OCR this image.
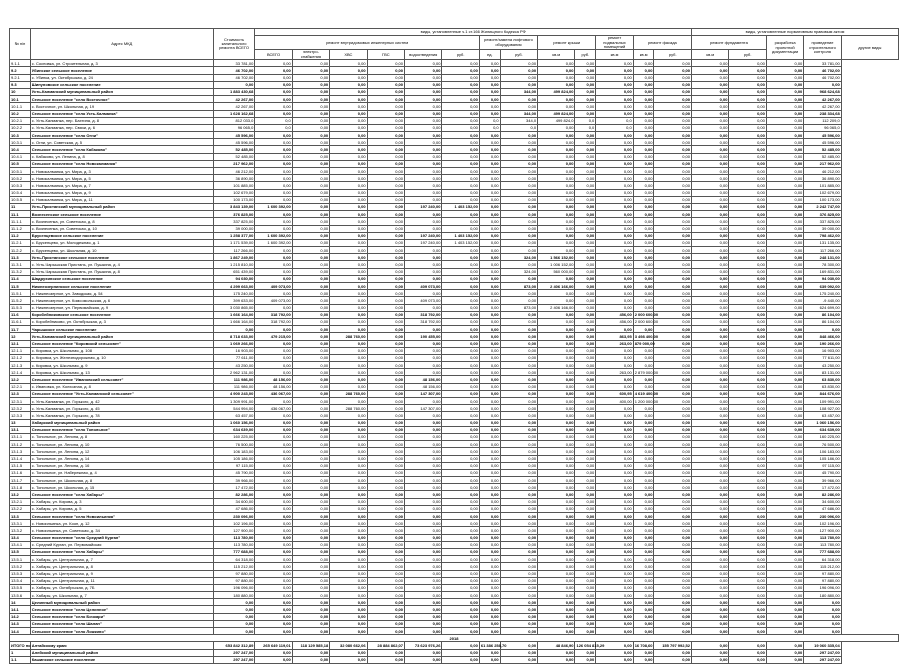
№ п/п	Адрес МКД	Стоимость капитального ремонта ВСЕГО	виды, установленные ч.1 ст.166 Жилищного Кодекса РФ													виды, установленные нормативным правовым актом				
			ремонт внутридомовых инженерных систем						ремонт/замена лифтового оборудования		ремонт крыши		ремонт подвальных помещений	ремонт фасада		ремонт фундамента		разработка проектной документации	проведение строительного контроля	другие виды
			ВСЕГО	электро-снабжения	ХВС	ГВС	водоотведения	руб.	ед.	руб.	кв.м	руб.	кв.м	кв.м	руб.	кв.м	руб.			
9.1.1	с. Сосновка, ул. Строительная, д. 3	33 781,00	0,00	0,00	0,00	0,00	0,00	0,00	0,00	0,00	0,00	0,00	0,00	0,00	0,00	0,00	0,00	0,00	33 781,00	
9.2	Убинское сельское поселение	46 702,00	0,00	0,00	0,00	0,00	0,00	0,00	0,00	0,00	0,00	0,00	0,00	0,00	0,00	0,00	0,00	0,00	46 702,00	
9.2.1	с. Убинка, ул. Октябрьская, д. 24	46 702,00	0,00	0,00	0,00	0,00	0,00	0,00	0,00	0,00	0,00	0,00	0,00	0,00	0,00	0,00	0,00	0,00	46 702,00	
9.3	Шипуновское сельское поселение	0,00	0,00	0,00	0,00	0,00	0,00	0,00	0,00	0,00	0,00	0,00	0,00	0,00	0,00	0,00	0,00	0,00	0,00	
10	Усть-Калманский муниципальный район	1 883 430,68	0,00	0,00	0,00	0,00	0,00	0,00	0,00	344,00	499 824,00	0,00	0,00	0,00	0,00	0,00	0,00	0,00	968 624,68	
10.1	Сельское поселение "село Восточное"	42 267,00	0,00	0,00	0,00	0,00	0,00	0,00	0,00	0,00	0,00	0,00	0,00	0,00	0,00	0,00	0,00	0,00	42 267,00	
10.1.1	с. Восточное, ул. Школьная, д. 19	42 267,00	0,00	0,00	0,00	0,00	0,00	0,00	0,00	0,00	0,00	0,00	0,00	0,00	0,00	0,00	0,00	0,00	42 267,00	
10.2	Сельское поселение "село Усть-Калманка"	1 628 162,68	0,00	0,00	0,00	0,00	0,00	0,00	0,00	344,00	499 824,00	0,00	0,00	0,00	0,00	0,00	0,00	0,00	238 334,68	
10.2.1	с. Усть-Калманка, пер. Бахтина, д. 8	812 033,0	0,0	0,00	0,00	0,00	0,00	0,00	0,0	344,0	499 824,0	0,0	0,0	0,00	0,00	0,00	0,00	0,00	112 209,0	
10.2.2	с. Усть-Калманка, пер. Связи, д. 6	96 065,0	0,0	0,00	0,00	0,00	0,00	0,00	0,0	0,0	0,00	0,0	0,0	0,00	0,00	0,00	0,00	0,00	96 065,0	
10.3	Сельское поселение "село Огни"	45 596,00	0,00	0,00	0,00	0,00	0,00	0,00	0,00	0,00	0,00	0,00	0,00	0,00	0,00	0,00	0,00	0,00	45 596,00	
10.3.1	с. Огни, ул. Советская, д. 5	45 596,00	0,00	0,00	0,00	0,00	0,00	0,00	0,00	0,00	0,00	0,00	0,00	0,00	0,00	0,00	0,00	0,00	45 596,00	
10.4	Сельское поселение "село Кабаково"	52 485,00	0,00	0,00	0,00	0,00	0,00	0,00	0,00	0,00	0,00	0,00	0,00	0,00	0,00	0,00	0,00	0,00	52 485,00	
10.4.1	с. Кабаково, ул. Ленина, д. 8	52 485,00	0,00	0,00	0,00	0,00	0,00	0,00	0,00	0,00	0,00	0,00	0,00	0,00	0,00	0,00	0,00	0,00	52 485,00	
10.5	Сельское поселение "село Новокалманка"	217 962,00	0,00	0,00	0,00	0,00	0,00	0,00	0,00	0,00	0,00	0,00	0,00	0,00	0,00	0,00	0,00	0,00	217 962,00	
10.5.1	с. Новокалманка, ул. Мира, д. 3	46 212,00	0,00	0,00	0,00	0,00	0,00	0,00	0,00	0,00	0,00	0,00	0,00	0,00	0,00	0,00	0,00	0,00	46 212,00	
10.5.2	с. Новокалманка, ул. Мира, д. 5	36 890,00	0,00	0,00	0,00	0,00	0,00	0,00	0,00	0,00	0,00	0,00	0,00	0,00	0,00	0,00	0,00	0,00	36 890,00	
10.5.3	с. Новокалманка, ул. Мира, д. 7	101 885,00	0,00	0,00	0,00	0,00	0,00	0,00	0,00	0,00	0,00	0,00	0,00	0,00	0,00	0,00	0,00	0,00	101 885,00	
10.5.4	с. Новокалманка, ул. Мира, д. 9	102 679,00	0,00	0,00	0,00	0,00	0,00	0,00	0,00	0,00	0,00	0,00	0,00	0,00	0,00	0,00	0,00	0,00	102 679,00	
10.5.5	с. Новокалманка, ул. Мира, д. 11	100 173,00	0,00	0,00	0,00	0,00	0,00	0,00	0,00	0,00	0,00	0,00	0,00	0,00	0,00	0,00	0,00	0,00	100 173,00	
11	Усть-Пристанский муниципальный район	3 843 139,00	1 600 392,00	0,00	0,00	0,00	197 240,00	1 403 152,00	0,00	0,00	0,00	0,00	0,00	0,00	0,00	0,00	0,00	0,00	2 242 747,00	
11.1	Вознесенское сельское поселение	376 825,00	0,00	0,00	0,00	0,00	0,00	0,00	0,00	0,00	0,00	0,00	0,00	0,00	0,00	0,00	0,00	0,00	376 825,00	
11.1.1	с. Вознесенка, ул. Советская, д. 8	337 825,00	0,00	0,00	0,00	0,00	0,00	0,00	0,00	0,00	0,00	0,00	0,00	0,00	0,00	0,00	0,00	0,00	337 825,00	
11.1.2	с. Вознесенка, ул. Советская, д. 10	39 000,00	0,00	0,00	0,00	0,00	0,00	0,00	0,00	0,00	0,00	0,00	0,00	0,00	0,00	0,00	0,00	0,00	39 000,00	
11.2	Брусенцевское сельское поселение	1 258 377,00	1 600 392,00	0,00	0,00	0,00	197 240,00	1 403 152,00	0,00	0,00	0,00	0,00	0,00	0,00	0,00	0,00	0,00	0,00	798 462,00	
11.2.1	с. Брусенцево, ул. Молодежная, д. 1	1 171 539,00	1 600 392,00	0,00	0,00	0,00	197 240,00	1 403 152,00	0,00	0,00	0,00	0,00	0,00	0,00	0,00	0,00	0,00	0,00	131 135,00	
11.2.2	с. Брусенцево, ул. Школьная, д. 10	117 266,00	0,00	0,00	0,00	0,00	0,00	0,00	0,00	0,00	0,00	0,00	0,00	0,00	0,00	0,00	0,00	0,00	117 266,00	
11.3	Усть-Пристанское сельское поселение	1 867 249,00	0,00	0,00	0,00	0,00	0,00	0,00	0,00	324,00	1 566 152,00	0,00	0,00	0,00	0,00	0,00	0,00	0,00	248 131,00	
11.3.1	с. Усть-Чарышская Пристань, ул. Пушкина, д. 4	1 215 810,00	0,00	0,00	0,00	0,00	0,00	0,00	0,00	0,00	1 006 152,00	0,00	0,00	0,00	0,00	0,00	0,00	0,00	78 300,00	
11.3.2	с. Усть-Чарышская Пристань, ул. Пушкина, д. 8	651 439,00	0,00	0,00	0,00	0,00	0,00	0,00	0,00	324,00	560 000,00	0,00	0,00	0,00	0,00	0,00	0,00	0,00	169 831,00	
11.4	Шадрухинское сельское поселение	94 030,00	0,00	0,00	0,00	0,00	0,00	0,00	0,00	0,00	0,00	0,00	0,00	0,00	0,00	0,00	0,00	0,00	94 030,00	
11.5	Нижнеозернинское сельское поселение	4 299 663,00	409 073,00	0,00	0,00	0,00	409 073,00	0,00	0,00	873,00	2 406 166,00	0,00	0,00	0,00	0,00	0,00	0,00	0,00	639 092,00	
11.5.1	с. Нижнеозерное, ул. Заводская, д. 54	175 240,00	0,00	0,00	0,00	0,00	0,00	0,00	0,00	0,00	0,00	0,00	0,00	0,00	0,00	0,00	0,00	0,00	175 240,00	
11.5.2	с. Нижнеозерное, ул. Комсомольская, д. 6	399 633,00	409 073,00	0,00	0,00	0,00	409 073,00	0,00	0,00	0,00	0,00	0,00	0,00	0,00	0,00	0,00	0,00	0,00	-9 440,00	
11.5.3	с. Нижнеозерное, ул. Первомайская, д. 9	3 030 865,00	0,00	0,00	0,00	0,00	0,00	0,00	0,00	873,00	2 406 166,00	0,00	0,00	0,00	0,00	0,00	0,00	0,00	624 699,00	
11.6	Коробейниковское сельское поселение	1 666 164,00	318 792,00	0,00	0,00	0,00	318 792,00	0,00	0,00	0,00	0,00	0,00	456,00	2 000 600,00	0,00	0,00	0,00	0,00	86 104,00	
11.6.1	с. Коробейниково, ул. Октябрьская, д. 3	1 666 164,00	318 792,00	0,00	0,00	0,00	318 792,00	0,00	0,00	0,00	0,00	0,00	456,00	2 000 600,00	0,00	0,00	0,00	0,00	86 104,00	
11.7	Чарышское сельское поселение	0,00	0,00	0,00	0,00	0,00	0,00	0,00	0,00	0,00	0,00	0,00	0,00	0,00	0,00	0,00	0,00	0,00	0,00	
12	Усть-Калманский муниципальный район	8 718 633,00	479 215,00	0,00	288 760,00	0,00	190 455,00	0,00	0,00	0,00	0,00	0,00	863,95	3 498 400,00	0,00	0,00	0,00	0,00	848 466,00	
12.1	Сельское поселение "Кировский сельсовет"	1 069 266,00	0,00	0,00	0,00	0,00	0,00	0,00	0,00	0,00	0,00	0,00	263,00	879 000,00	0,00	0,00	0,00	0,00	190 266,00	
12.1.1	с. Кировка, ул. Школьная, д. 108	16 903,00	0,00	0,00	0,00	0,00	0,00	0,00	0,00	0,00	0,00	0,00	0,00	0,00	0,00	0,00	0,00	0,00	16 903,00	
12.1.2	с. Кировка, ул. Железнодорожная, д. 10	77 611,00	0,00	0,00	0,00	0,00	0,00	0,00	0,00	0,00	0,00	0,00	0,00	0,00	0,00	0,00	0,00	0,00	77 611,00	
12.1.3	с. Кировка, ул. Школьная, д. 9	43 250,00	0,00	0,00	0,00	0,00	0,00	0,00	0,00	0,00	0,00	0,00	0,00	0,00	0,00	0,00	0,00	0,00	43 250,00	
12.1.4	с. Кировка, ул. Школьная, д. 13	2 962 131,00	0,00	0,00	0,00	0,00	0,00	0,00	0,00	0,00	0,00	0,00	263,00	2 879 000,00	0,00	0,00	0,00	0,00	83 131,00	
12.2	Сельское поселение "Ивановский сельсовет"	111 986,00	48 156,00	0,00	0,00	0,00	48 156,00	0,00	0,00	0,00	0,00	0,00	0,00	0,00	0,00	0,00	0,00	0,00	63 830,00	
12.2.1	с. Ивановка, ул. Колхозная, д. 8	111 986,00	48 156,00	0,00	0,00	0,00	48 156,00	0,00	0,00	0,00	0,00	0,00	0,00	0,00	0,00	0,00	0,00	0,00	63 830,00	
12.3	Сельское поселение "Усть-Калманский сельсовет"	4 900 243,00	436 067,00	0,00	288 760,00	0,00	147 307,00	0,00	0,00	0,00	0,00	0,00	600,95	4 619 400,00	0,00	0,00	0,00	0,00	844 676,00	
12.3.1	с. Усть-Калманка, ул. Горького, д. 42	1 309 991,00	0,00	0,00	0,00	0,00	0,00	0,00	0,00	0,00	0,00	0,00	400,00	1 200 000,00	0,00	0,00	0,00	0,00	109 991,00	
12.3.2	с. Усть-Калманка, ул. Горького, д. 45	544 994,00	436 067,00	0,00	288 760,00	0,00	147 307,00	0,00	0,00	0,00	0,00	0,00	0,00	0,00	0,00	0,00	0,00	0,00	108 927,00	
12.3.3	с. Усть-Калманка, ул. Горького, д. 78	63 457,00	0,00	0,00	0,00	0,00	0,00	0,00	0,00	0,00	0,00	0,00	0,00	0,00	0,00	0,00	0,00	0,00	63 457,00	
13	Хабарский муниципальный район	1 060 156,00	0,00	0,00	0,00	0,00	0,00	0,00	0,00	0,00	0,00	0,00	0,00	0,00	0,00	0,00	0,00	0,00	1 060 156,00	
13.1	Сельское поселение "село Топольное"	634 639,00	0,00	0,00	0,00	0,00	0,00	0,00	0,00	0,00	0,00	0,00	0,00	0,00	0,00	0,00	0,00	0,00	634 639,00	
13.1.1	с. Топольное, ул. Ленина, д. 8	160 225,00	0,00	0,00	0,00	0,00	0,00	0,00	0,00	0,00	0,00	0,00	0,00	0,00	0,00	0,00	0,00	0,00	160 225,00	
13.1.2	с. Топольное, ул. Ленина, д. 10	76 500,00	0,00	0,00	0,00	0,00	0,00	0,00	0,00	0,00	0,00	0,00	0,00	0,00	0,00	0,00	0,00	0,00	76 500,00	
13.1.3	с. Топольное, ул. Ленина, д. 12	106 183,00	0,00	0,00	0,00	0,00	0,00	0,00	0,00	0,00	0,00	0,00	0,00	0,00	0,00	0,00	0,00	0,00	106 183,00	
13.1.4	с. Топольное, ул. Ленина, д. 14	105 186,00	0,00	0,00	0,00	0,00	0,00	0,00	0,00	0,00	0,00	0,00	0,00	0,00	0,00	0,00	0,00	0,00	105 186,00	
13.1.5	с. Топольное, ул. Ленина, д. 16	97 115,00	0,00	0,00	0,00	0,00	0,00	0,00	0,00	0,00	0,00	0,00	0,00	0,00	0,00	0,00	0,00	0,00	97 115,00	
13.1.6	с. Топольное, ул. Набережная, д. 4	45 790,00	0,00	0,00	0,00	0,00	0,00	0,00	0,00	0,00	0,00	0,00	0,00	0,00	0,00	0,00	0,00	0,00	45 790,00	
13.1.7	с. Топольное, ул. Школьная, д. 8	39 966,00	0,00	0,00	0,00	0,00	0,00	0,00	0,00	0,00	0,00	0,00	0,00	0,00	0,00	0,00	0,00	0,00	39 966,00	
13.1.8	с. Топольное, ул. Школьная, д. 15	17 472,00	0,00	0,00	0,00	0,00	0,00	0,00	0,00	0,00	0,00	0,00	0,00	0,00	0,00	0,00	0,00	0,00	17 472,00	
13.2	Сельское поселение "село Хабары"	82 286,00	0,00	0,00	0,00	0,00	0,00	0,00	0,00	0,00	0,00	0,00	0,00	0,00	0,00	0,00	0,00	0,00	82 286,00	
13.2.1	с. Хабары, ул. Кирова, д. 3	34 600,00	0,00	0,00	0,00	0,00	0,00	0,00	0,00	0,00	0,00	0,00	0,00	0,00	0,00	0,00	0,00	0,00	34 600,00	
13.2.2	с. Хабары, ул. Кирова, д. 5	47 686,00	0,00	0,00	0,00	0,00	0,00	0,00	0,00	0,00	0,00	0,00	0,00	0,00	0,00	0,00	0,00	0,00	47 686,00	
13.3	Сельское поселение "село Новоильинка"	230 096,00	0,00	0,00	0,00	0,00	0,00	0,00	0,00	0,00	0,00	0,00	0,00	0,00	0,00	0,00	0,00	0,00	230 096,00	
13.3.1	с. Новоильинка, ул. Кооп, д. 12	102 196,00	0,00	0,00	0,00	0,00	0,00	0,00	0,00	0,00	0,00	0,00	0,00	0,00	0,00	0,00	0,00	0,00	102 196,00	
13.3.2	с. Новоильинка, ул. Советская, д. 34	127 900,00	0,00	0,00	0,00	0,00	0,00	0,00	0,00	0,00	0,00	0,00	0,00	0,00	0,00	0,00	0,00	0,00	127 900,00	
13.4	Сельское поселение "село Средний Курган"	113 780,00	0,00	0,00	0,00	0,00	0,00	0,00	0,00	0,00	0,00	0,00	0,00	0,00	0,00	0,00	0,00	0,00	113 780,00	
13.4.1	с. Средний Курган, ул. Первомайская	113 780,00	0,00	0,00	0,00	0,00	0,00	0,00	0,00	0,00	0,00	0,00	0,00	0,00	0,00	0,00	0,00	0,00	113 780,00	
13.5	Сельское поселение "село Хабары"	777 688,00	0,00	0,00	0,00	0,00	0,00	0,00	0,00	0,00	0,00	0,00	0,00	0,00	0,00	0,00	0,00	0,00	777 688,00	
13.5.1	с. Хабары, ул. Центральная, д. 7	64 318,00	0,00	0,00	0,00	0,00	0,00	0,00	0,00	0,00	0,00	0,00	0,00	0,00	0,00	0,00	0,00	0,00	64 318,00	
13.5.2	с. Хабары, ул. Центральная, д. 8	115 212,00	0,00	0,00	0,00	0,00	0,00	0,00	0,00	0,00	0,00	0,00	0,00	0,00	0,00	0,00	0,00	0,00	115 212,00	
13.5.3	с. Хабары, ул. Центральная, д. 9	97 880,00	0,00	0,00	0,00	0,00	0,00	0,00	0,00	0,00	0,00	0,00	0,00	0,00	0,00	0,00	0,00	0,00	97 880,00	
13.5.4	с. Хабары, ул. Центральная, д. 11	97 880,00	0,00	0,00	0,00	0,00	0,00	0,00	0,00	0,00	0,00	0,00	0,00	0,00	0,00	0,00	0,00	0,00	97 880,00	
13.5.5	с. Хабары, ул. Октябрьская, д. 7Б	196 096,00	0,00	0,00	0,00	0,00	0,00	0,00	0,00	0,00	0,00	0,00	0,00	0,00	0,00	0,00	0,00	0,00	196 096,00	
13.5.6	с. Хабары, ул. Школьная, д. 7	180 880,00	0,00	0,00	0,00	0,00	0,00	0,00	0,00	0,00	0,00	0,00	0,00	0,00	0,00	0,00	0,00	0,00	180 880,00	
14	Целинный муниципальный район	0,00	0,00	0,00	0,00	0,00	0,00	0,00	0,00	0,00	0,00	0,00	0,00	0,00	0,00	0,00	0,00	0,00	0,00	
14.1	Сельское поселение "село Целинное"	0,00	0,00	0,00	0,00	0,00	0,00	0,00	0,00	0,00	0,00	0,00	0,00	0,00	0,00	0,00	0,00	0,00	0,00	
14.2	Сельское поселение "село Бочкари"	0,00	0,00	0,00	0,00	0,00	0,00	0,00	0,00	0,00	0,00	0,00	0,00	0,00	0,00	0,00	0,00	0,00	0,00	
14.3	Сельское поселение "село Шалап"	0,00	0,00	0,00	0,00	0,00	0,00	0,00	0,00	0,00	0,00	0,00	0,00	0,00	0,00	0,00	0,00	0,00	0,00	
14.4	Сельское поселение "село Ложкино"	0,00	0,00	0,00	0,00	0,00	0,00	0,00	0,00	0,00	0,00	0,00	0,00	0,00	0,00	0,00	0,00	0,00	0,00	
2018																				
ИТОГО по Алтайскому краю		653 842 312,89	265 649 119,01	118 129 585,18	32 080 662,06	28 884 862,07	73 623 976,26	0,00	61 386 258,70	0,00	48 846,90	126 054 815,29	0,00	16 708,60	155 797 992,52	0,00	0,00	0,00	19 060 335,04	
1	Алейский муниципальный район	297 247,00	0,00	0,00	0,00	0,00	0,00	0,00	0,00	0,00	0,00	0,00	0,00	0,00	0,00	0,00	0,00	0,00	297 247,00	
1.1	Кашинское сельское поселение	297 247,00	0,00	0,00	0,00	0,00	0,00	0,00	0,00	0,00	0,00	0,00	0,00	0,00	0,00	0,00	0,00	0,00	297 247,00	
